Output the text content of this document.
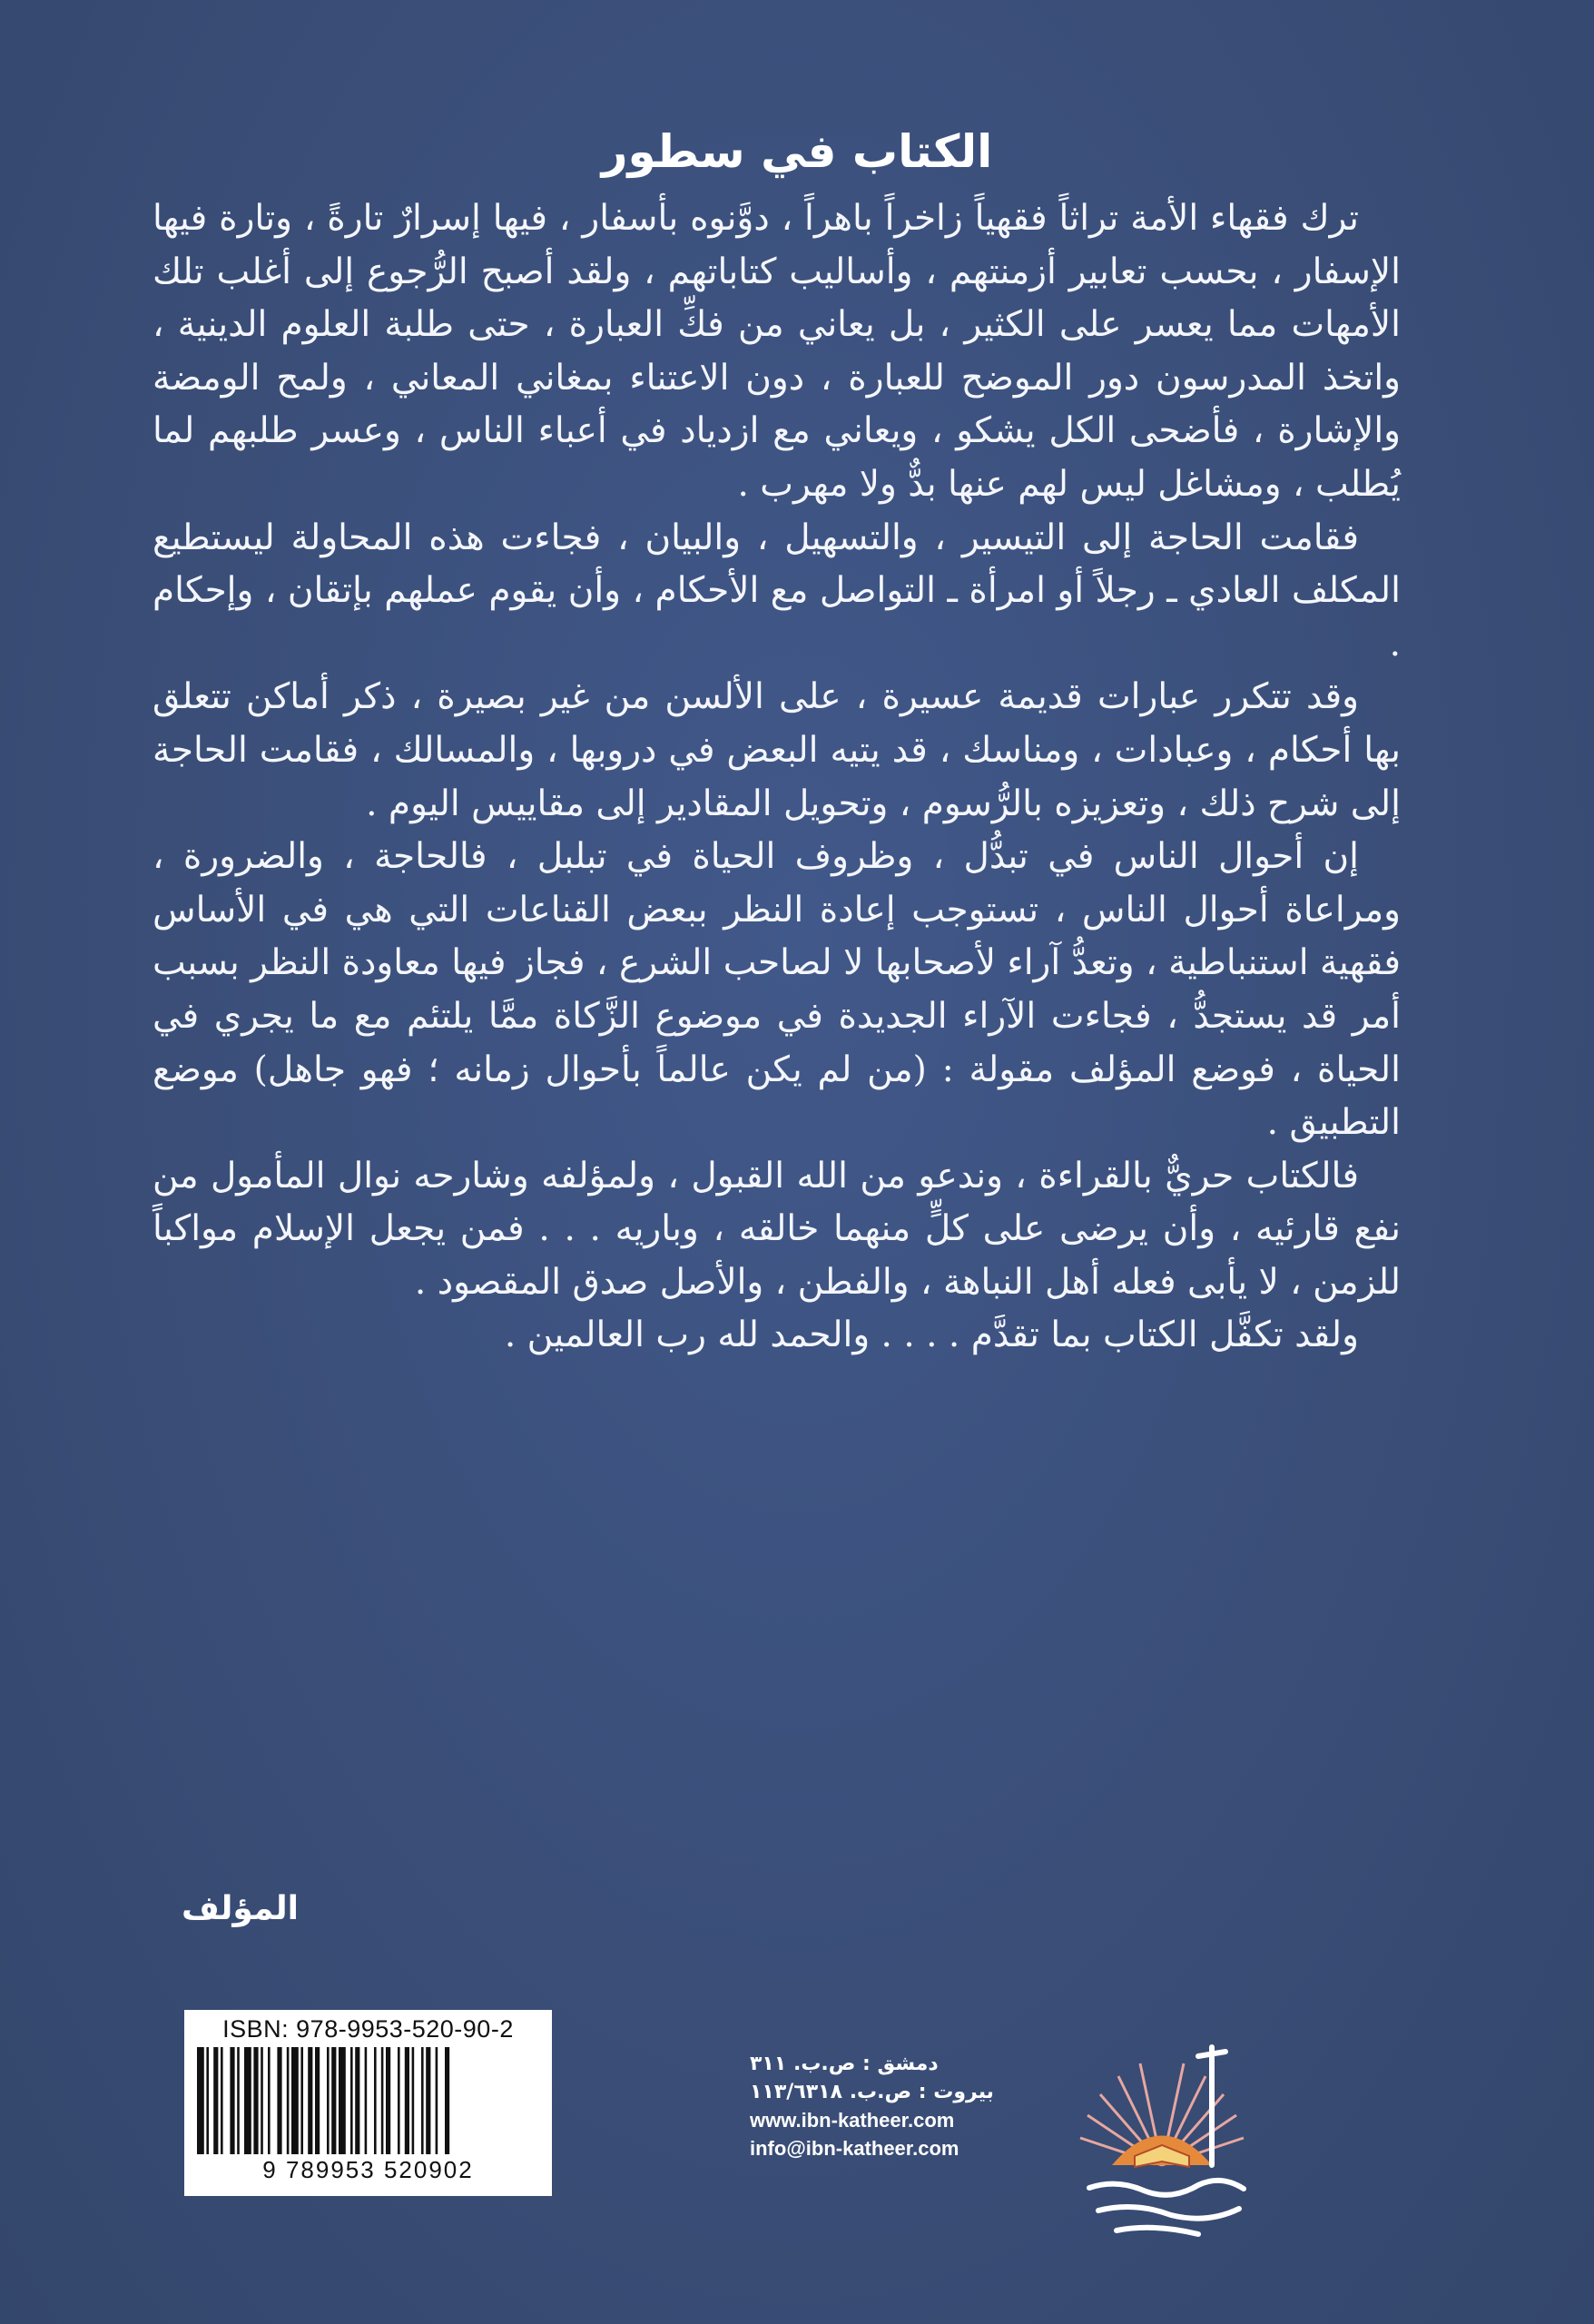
الكتاب في سطور

ترك فقهاء الأمة تراثاً فقهياً زاخراً باهراً ، دوَّنوه بأسفار ، فيها إسرارٌ تارةً ، وتارة فيها الإسفار ، بحسب تعابير أزمنتهم ، وأساليب كتاباتهم ، ولقد أصبح الرُّجوع إلى أغلب تلك الأمهات مما يعسر على الكثير ، بل يعاني من فكِّ العبارة ، حتى طلبة العلوم الدينية ، واتخذ المدرسون دور الموضح للعبارة ، دون الاعتناء بمغاني المعاني ، ولمح الومضة والإشارة ، فأضحى الكل يشكو ، ويعاني مع ازدياد في أعباء الناس ، وعسر طلبهم لما يُطلب ، ومشاغل ليس لهم عنها بدٌّ ولا مهرب .

فقامت الحاجة إلى التيسير ، والتسهيل ، والبيان ، فجاءت هذه المحاولة ليستطيع المكلف العادي ـ رجلاً أو امرأة ـ التواصل مع الأحكام ، وأن يقوم عملهم بإتقان ، وإحكام .

وقد تتكرر عبارات قديمة عسيرة ، على الألسن من غير بصيرة ، ذكر أماكن تتعلق بها أحكام ، وعبادات ، ومناسك ، قد يتيه البعض في دروبها ، والمسالك ، فقامت الحاجة إلى شرح ذلك ، وتعزيزه بالرُّسوم ، وتحويل المقادير إلى مقاييس اليوم .

إن أحوال الناس في تبدُّل ، وظروف الحياة في تبلبل ، فالحاجة ، والضرورة ، ومراعاة أحوال الناس ، تستوجب إعادة النظر ببعض القناعات التي هي في الأساس فقهية استنباطية ، وتعدُّ آراء لأصحابها لا لصاحب الشرع ، فجاز فيها معاودة النظر بسبب أمر قد يستجدُّ ، فجاءت الآراء الجديدة في موضوع الزَّكاة ممَّا يلتئم مع ما يجري في الحياة ، فوضع المؤلف مقولة : (من لم يكن عالماً بأحوال زمانه ؛ فهو جاهل) موضع التطبيق .

فالكتاب حريٌّ بالقراءة ، وندعو من الله القبول ، ولمؤلفه وشارحه نوال المأمول من نفع قارئيه ، وأن يرضى على كلٍّ منهما خالقه ، وباريه . . . فمن يجعل الإسلام مواكباً للزمن ، لا يأبى فعله أهل النباهة ، والفطن ، والأصل صدق المقصود .

ولقد تكفَّل الكتاب بما تقدَّم . . . . والحمد لله رب العالمين .

المؤلف
ISBN: 978-9953-520-90-2
9 789953 520902
دمشق : ص.ب. ٣١١
بيروت : ص.ب. ١١٣/٦٣١٨
www.ibn-katheer.com
info@ibn-katheer.com
